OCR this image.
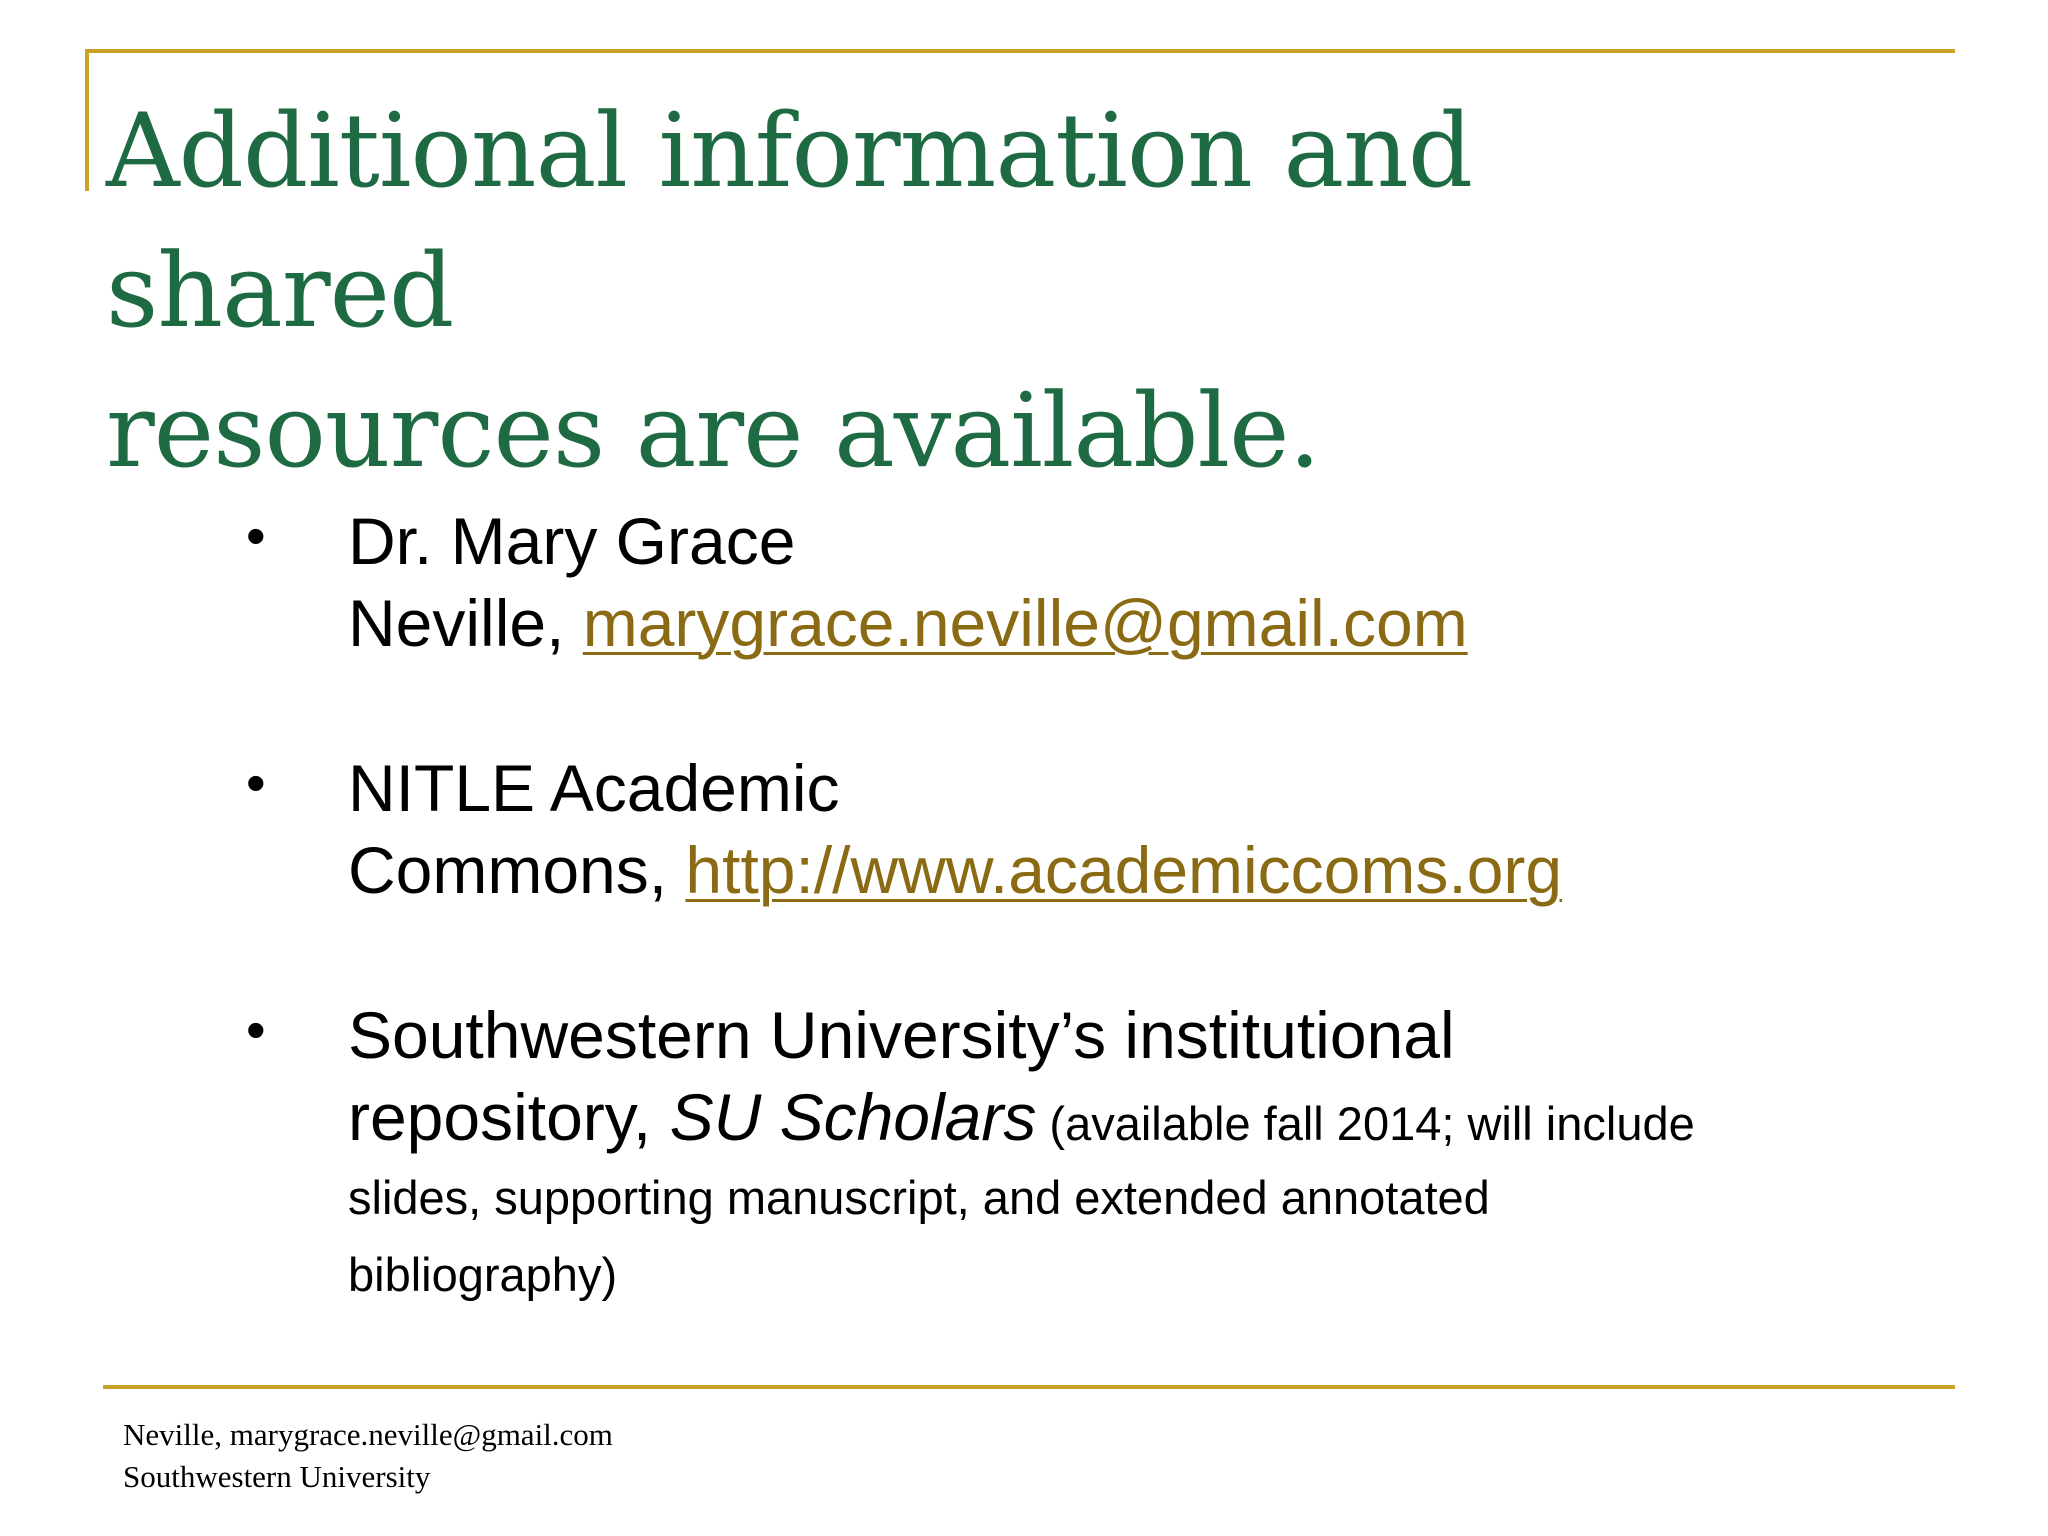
Additional information and shared
resources are available.
• Dr. Mary Grace
Neville, marygrace.neville@gmail.com
• NITLE Academic
Commons, http://www.academiccoms.org
• Southwestern University’s institutional
repository, SU Scholars (available fall 2014; will include
slides, supporting manuscript, and extended annotated
bibliography)
Neville, marygrace.neville@gmail.com
Southwestern University
